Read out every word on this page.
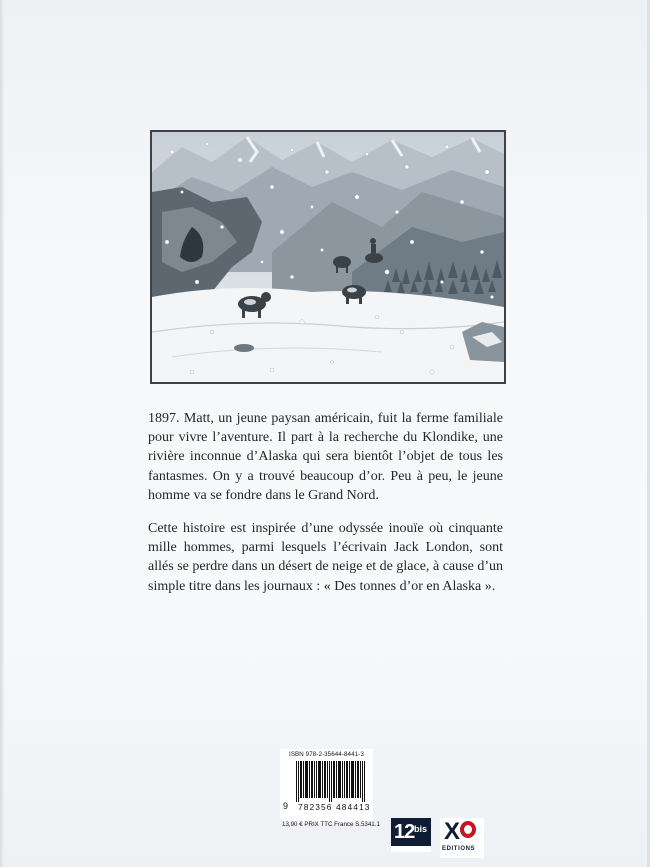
1897. Matt, un jeune paysan américain, fuit la ferme familiale pour vivre l’aventure. Il part à la recherche du Klondike, une rivière inconnue d’Alaska qui sera bientôt l’objet de tous les fantasmes. On y a trouvé beaucoup d’or. Peu à peu, le jeune homme va se fondre dans le Grand Nord.

Cette histoire est inspirée d’une odyssée inouïe où cinquante mille hommes, parmi lesquels l’écrivain Jack London, sont allés se perdre dans un désert de neige et de glace, à cause d’un simple titre dans les journaux : « Des tonnes d’or en Alaska ».

ISBN 978-2-35644-8441-3
9 782356 484413
13,90 € PRIX TTC France S.5341.1 12 bis X
EDITIONS
